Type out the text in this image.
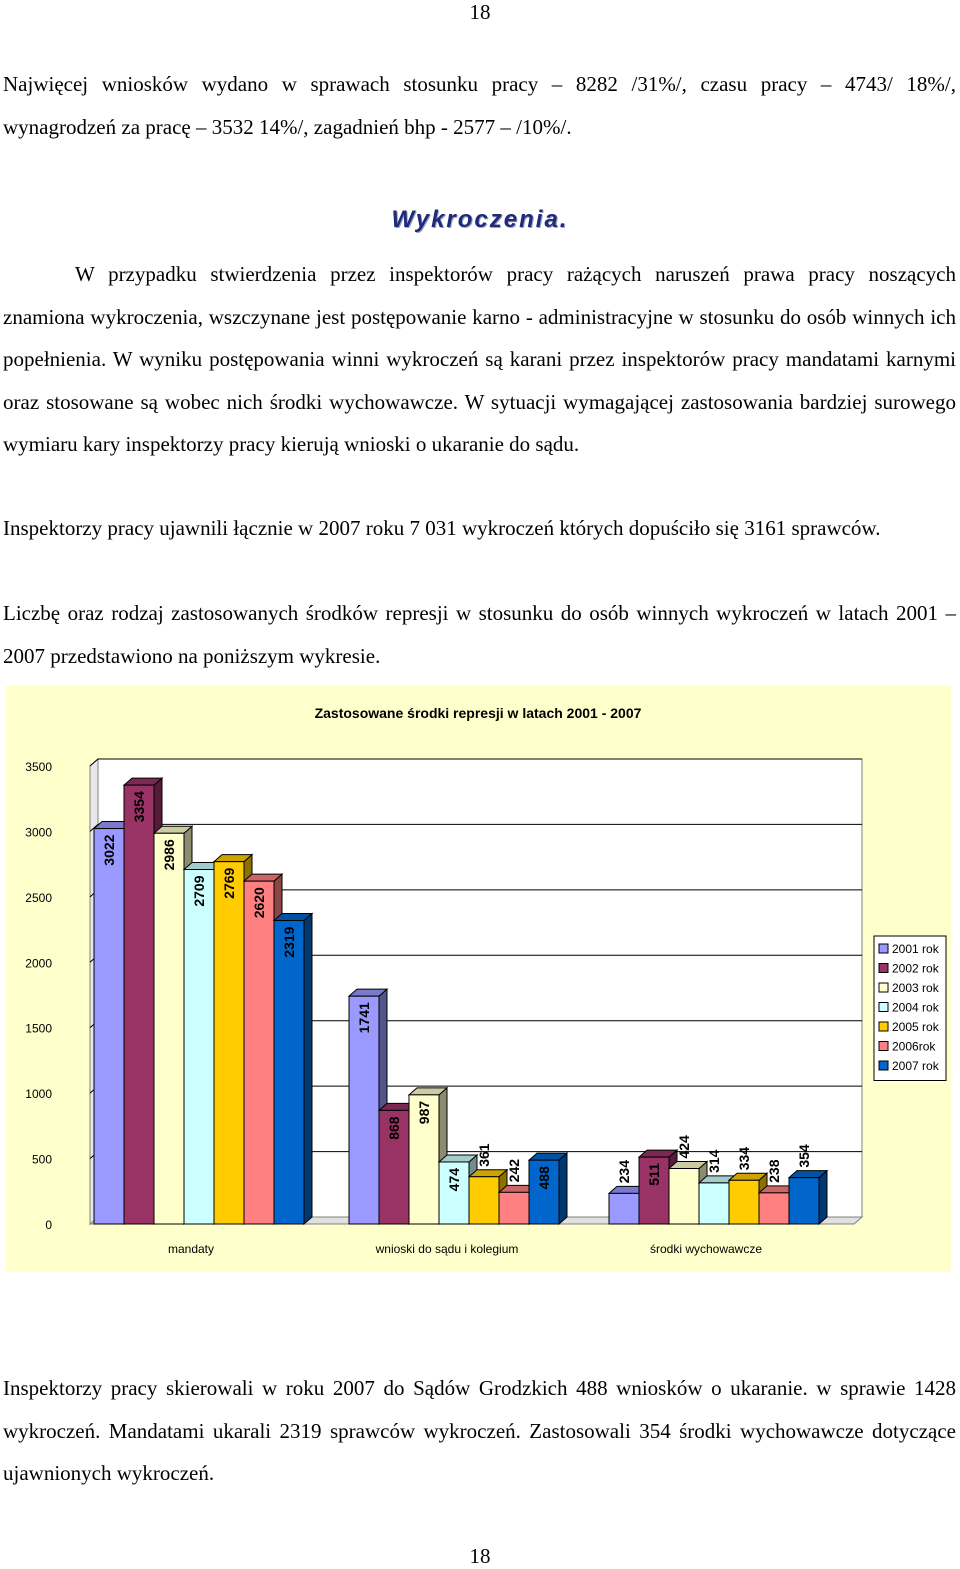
18

Najwięcej wniosków wydano w sprawach stosunku pracy – 8282 /31%/, czasu pracy – 4743/ 18%/, wynagrodzeń za pracę – 3532 14%/, zagadnień bhp - 2577 – /10%/.

Wykroczenia.

W przypadku stwierdzenia przez inspektorów pracy rażących naruszeń prawa pracy noszących znamiona wykroczenia, wszczynane jest postępowanie karno - administracyjne w stosunku do osób winnych ich popełnienia. W wyniku postępowania winni wykroczeń są karani przez inspektorów pracy mandatami karnymi oraz stosowane są wobec nich środki wychowawcze. W sytuacji wymagającej zastosowania bardziej surowego wymiaru kary inspektorzy pracy kierują wnioski o ukaranie do sądu.

Inspektorzy pracy ujawnili łącznie w 2007 roku 7 031 wykroczeń których dopuściło się 3161 sprawców.

Liczbę oraz rodzaj zastosowanych środków represji w stosunku do osób winnych wykroczeń w latach 2001 – 2007 przedstawiono na poniższym wykresie.

Zastosowane środki represji w latach 2001 - 2007
0
500
1000
1500
2000
2500
3000
3500
mandaty	wnioski do sądu i kolegium	środki wychowawcze
3022
1741
234
3354
868
511
2986
987
424
2709
474
314
2769
361	334
2620
242	238
2319
488
354
2001 rok
2002 rok
2003 rok
2004 rok
2005 rok
2006rok
2007 rok

Inspektorzy pracy skierowali w roku 2007 do Sądów Grodzkich 488 wniosków o ukaranie. w sprawie 1428 wykroczeń. Mandatami ukarali 2319 sprawców wykroczeń. Zastosowali 354 środki wychowawcze dotyczące ujawnionych wykroczeń.

18
